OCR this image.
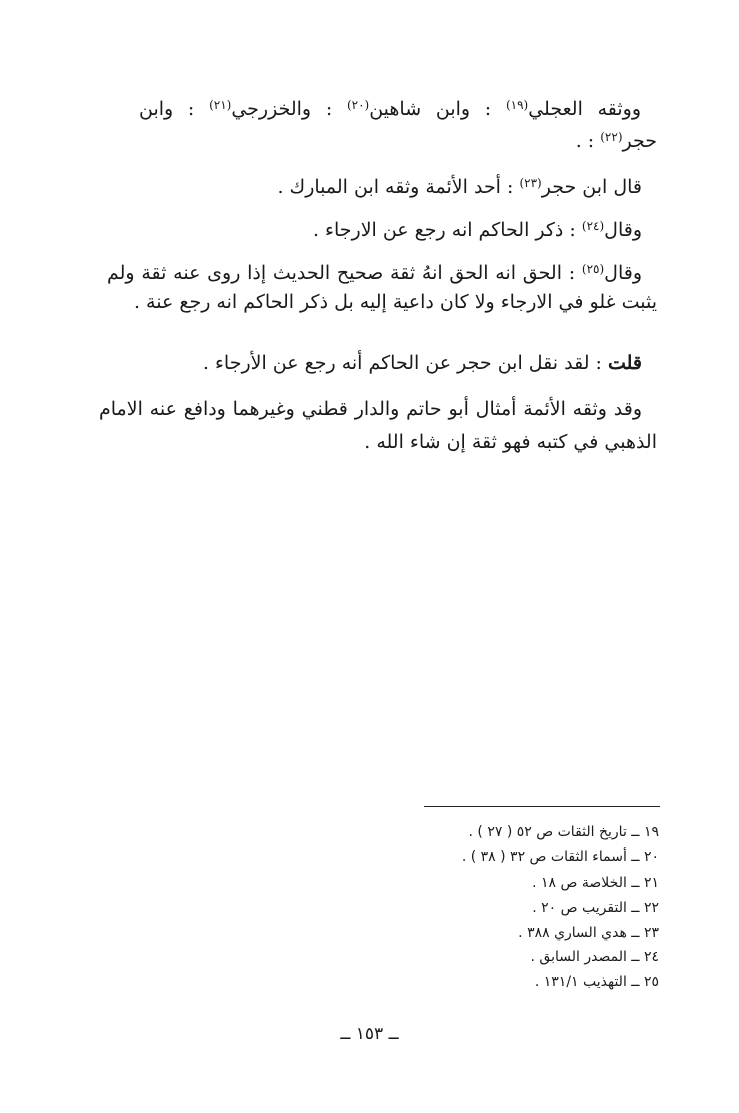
ووثقه العجلي$^{(١٩)}$ : وابن شاهين$^{(٢٠)}$ : والخزرجي$^{(٢١)}$ : وابن
حجر$^{(٢٢)}$ : .
قال ابن حجر$^{(٢٣)}$ : أحد الأئمة وثقه ابن المبارك .
وقال$^{(٢٤)}$ : ذكر الحاكم انه رجع عن الارجاء .
وقال$^{(٢٥)}$ : الحق انه الحق انهُ ثقة صحيح الحديث إذا روى عنه ثقة ولم
يثبت غلو في الارجاء ولا كان داعية إليه بل ذكر الحاكم انه رجع عنة .
قلت : لقد نقل ابن حجر عن الحاكم أنه رجع عن الأرجاء .
وقد وثقه الأئمة أمثال أبو حاتم والدار قطني وغيرهما ودافع عنه الامام
الذهبي في كتبه فهو ثقة إن شاء الله .
١٩ ــ تاريخ الثقات ص ٥٢ ( ٢٧ ) .
٢٠ ــ أسماء الثقات ص ٣٢ ( ٣٨ ) .
٢١ ــ الخلاصة ص ١٨ .
٢٢ ــ التقريب ص ٢٠ .
٢٣ ــ هدي الساري ٣٨٨ .
٢٤ ــ المصدر السابق .
٢٥ ــ التهذيب ١٣١/١ .
ــ ١٥٣ ــ
